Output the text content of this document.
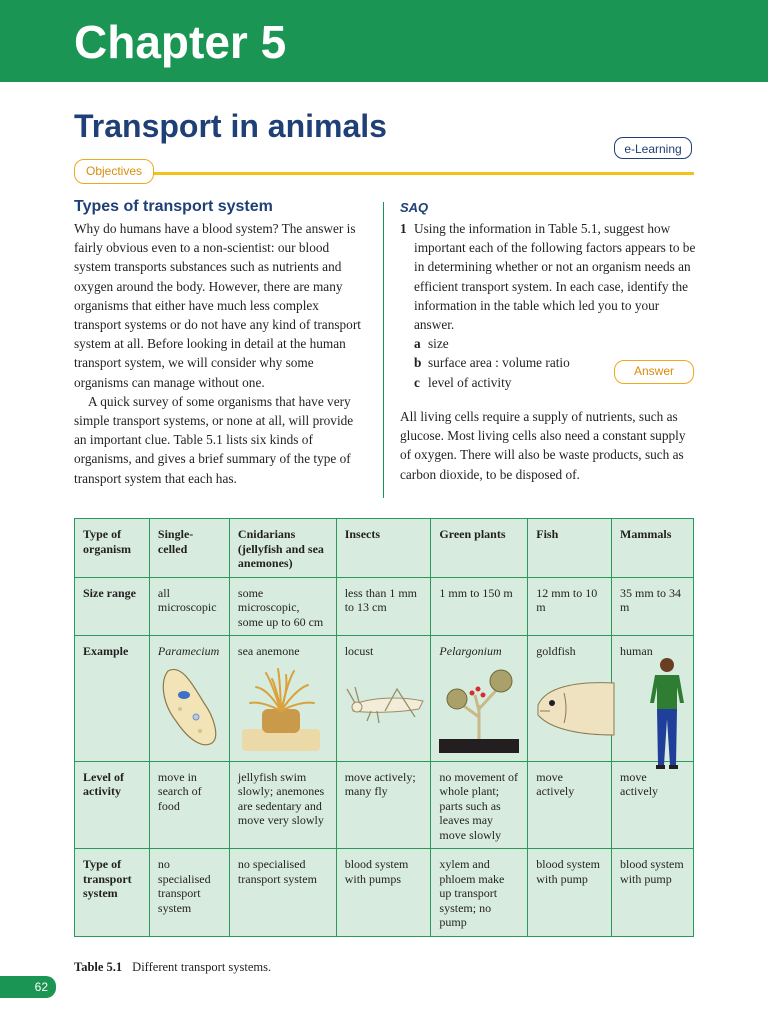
Chapter 5
Transport in animals
e-Learning
Objectives
Types of transport system

Why do humans have a blood system? The answer is fairly obvious even to a non-scientist: our blood system transports substances such as nutrients and oxygen around the body. However, there are many organisms that either have much less complex transport systems or do not have any kind of transport system at all. Before looking in detail at the human transport system, we will consider why some organisms can manage without one.

A quick survey of some organisms that have very simple transport systems, or none at all, will provide an important clue. Table 5.1 lists six kinds of organisms, and gives a brief summary of the type of transport system that each has.

SAQ
1 Using the information in Table 5.1, suggest how important each of the following factors appears to be in determining whether or not an organism needs an efficient transport system. In each case, identify the information in the table which led you to your answer.
a size
b surface area : volume ratio
c level of activity
Answer

All living cells require a supply of nutrients, such as glucose. Most living cells also need a constant supply of oxygen. There will also be waste products, such as carbon dioxide, to be disposed of.

Type of organism	Single-celled	Cnidarians (jellyfish and sea anemones)	Insects	Green plants	Fish	Mammals
Size range	all microscopic	some microscopic, some up to 60 cm	less than 1 mm to 13 cm	1 mm to 150 m	12 mm to 10 m	35 mm to 34 m
Example	Paramecium	sea anemone	locust	Pelargonium	goldfish	human

Level of activity	move in search of food	jellyfish swim slowly; anemones are sedentary and move very slowly	move actively; many fly	no movement of whole plant; parts such as leaves may move slowly	move actively	move actively
Type of transport system	no specialised transport system	no specialised transport system	blood system with pumps	xylem and phloem make up transport system; no pump	blood system with pump	blood system with pump
Table 5.1 Different transport systems.
62
